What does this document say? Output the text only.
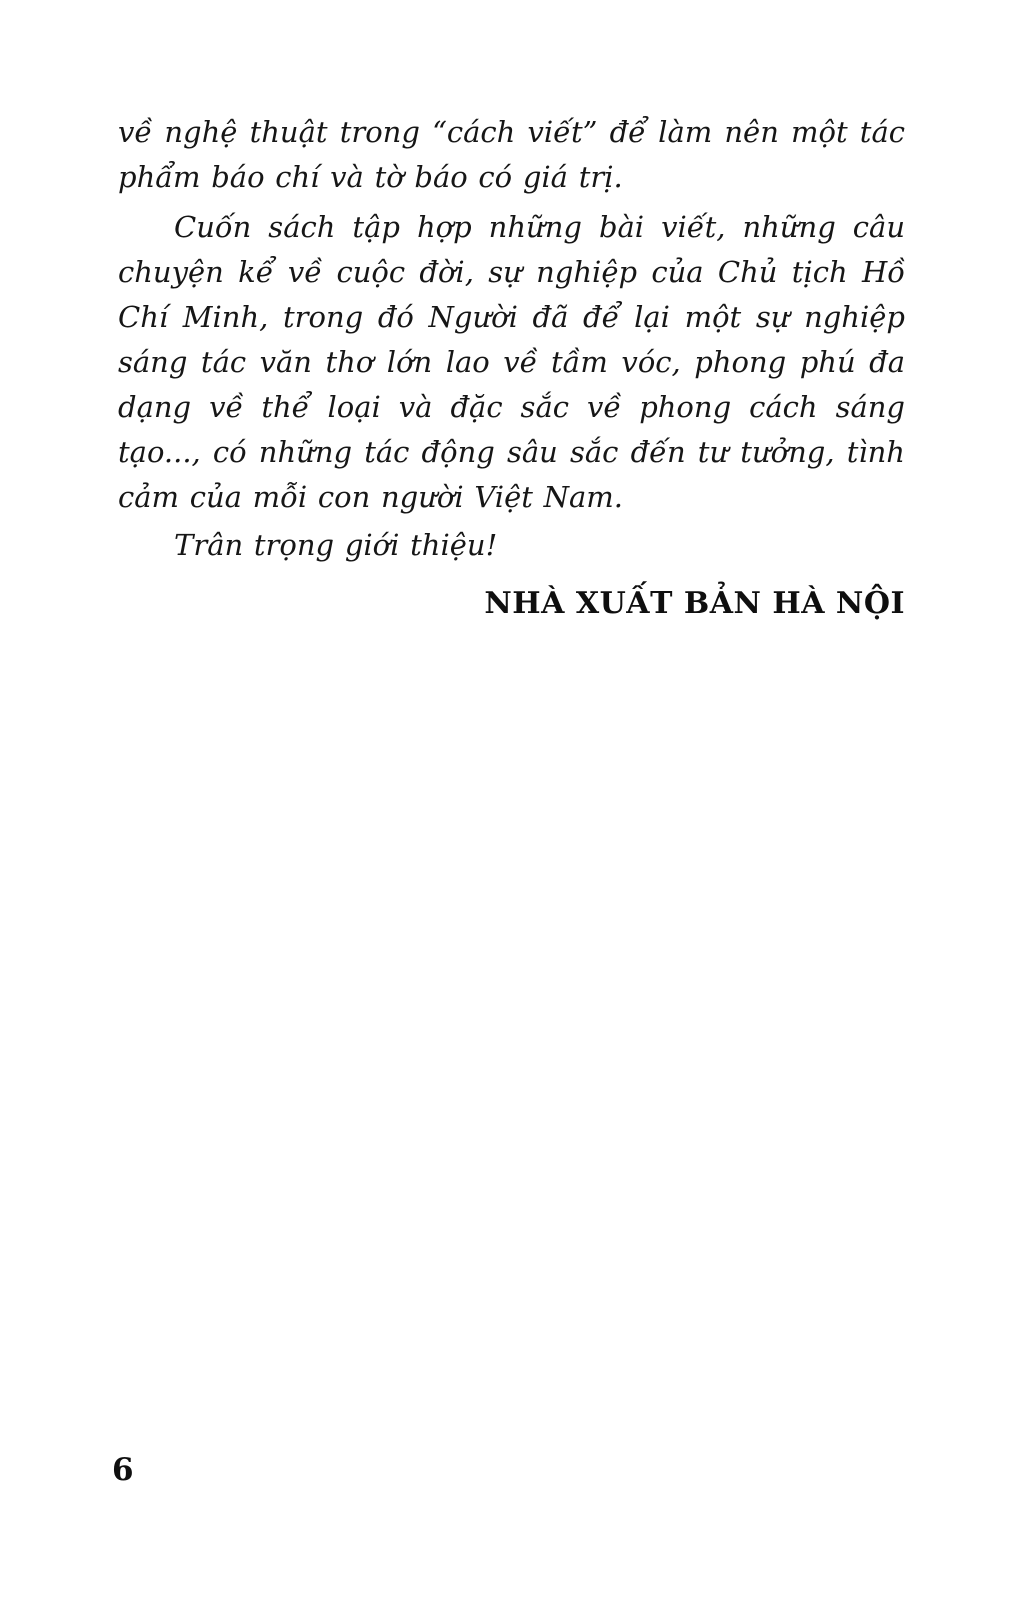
về nghệ thuật trong “cách viết” để làm nên một tác phẩm báo chí và tờ báo có giá trị.

Cuốn sách tập hợp những bài viết, những câu chuyện kể về cuộc đời, sự nghiệp của Chủ tịch Hồ Chí Minh, trong đó Người đã để lại một sự nghiệp sáng tác văn thơ lớn lao về tầm vóc, phong phú đa dạng về thể loại và đặc sắc về phong cách sáng tạo..., có những tác động sâu sắc đến tư tưởng, tình cảm của mỗi con người Việt Nam.

Trân trọng giới thiệu!

NHÀ XUẤT BẢN HÀ NỘI
6
